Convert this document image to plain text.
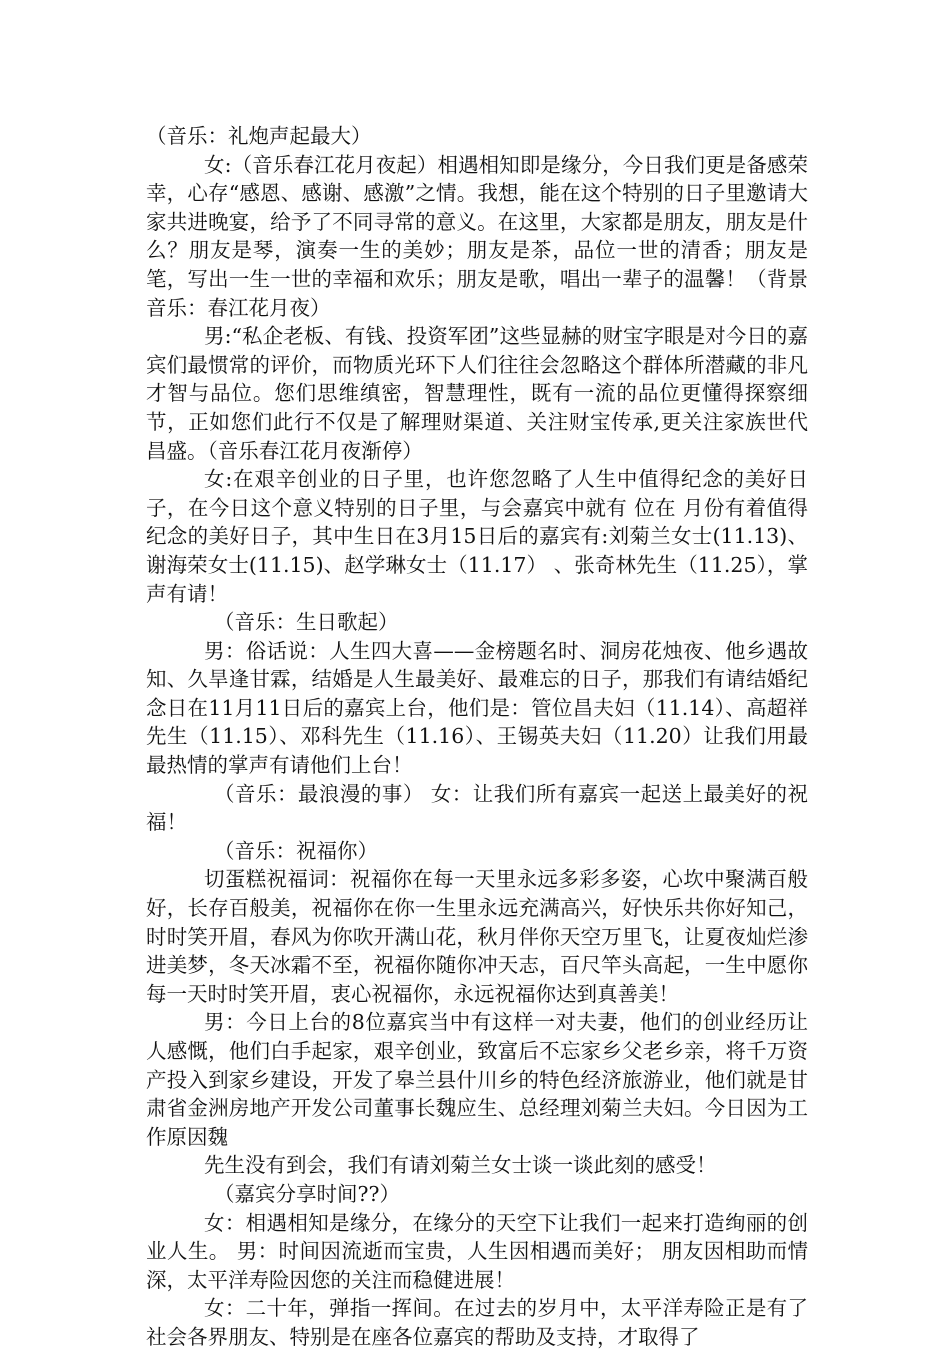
（音乐：礼炮声起最大）

女:（音乐春江花月夜起）相遇相知即是缘分，今日我们更是备感荣幸，心存“感恩、感谢、感激”之情。我想，能在这个特别的日子里邀请大家共进晚宴，给予了不同寻常的意义。在这里，大家都是朋友，朋友是什么？朋友是琴，演奏一生的美妙；朋友是茶，品位一世的清香；朋友是笔，写出一生一世的幸福和欢乐；朋友是歌，唱出一辈子的温馨！（背景音乐：春江花月夜）

男:“私企老板、有钱、投资军团”这些显赫的财宝字眼是对今日的嘉宾们最惯常的评价，而物质光环下人们往往会忽略这个群体所潜藏的非凡才智与品位。您们思维缜密，智慧理性，既有一流的品位更懂得探察细节，正如您们此行不仅是了解理财渠道、关注财宝传承,更关注家族世代昌盛。（音乐春江花月夜渐停）

女:在艰辛创业的日子里，也许您忽略了人生中值得纪念的美好日子，在今日这个意义特别的日子里，与会嘉宾中就有 位在 月份有着值得纪念的美好日子，其中生日在3月15日后的嘉宾有:刘菊兰女士(11.13)、谢海荣女士(11.15)、赵学琳女士（11.17） 、张奇林先生（11.25），掌声有请！

（音乐：生日歌起）

男：俗话说：人生四大喜——金榜题名时、洞房花烛夜、他乡遇故知、久旱逢甘霖，结婚是人生最美好、最难忘的日子，那我们有请结婚纪念日在11月11日后的嘉宾上台，他们是：管位昌夫妇（11.14）、高超祥先生（11.15）、邓科先生（11.16）、王锡英夫妇（11.20）让我们用最最热情的掌声有请他们上台！

（音乐：最浪漫的事） 女：让我们所有嘉宾一起送上最美好的祝福！

（音乐：祝福你）

切蛋糕祝福词：祝福你在每一天里永远多彩多姿，心坎中聚满百般好，长存百般美，祝福你在你一生里永远充满高兴，好快乐共你好知己，时时笑开眉，春风为你吹开满山花，秋月伴你天空万里飞，让夏夜灿烂渗进美梦，冬天冰霜不至，祝福你随你冲天志，百尺竿头高起，一生中愿你每一天时时笑开眉，衷心祝福你，永远祝福你达到真善美！

男：今日上台的8位嘉宾当中有这样一对夫妻，他们的创业经历让人感慨，他们白手起家，艰辛创业，致富后不忘家乡父老乡亲，将千万资产投入到家乡建设，开发了皋兰县什川乡的特色经济旅游业，他们就是甘肃省金洲房地产开发公司董事长魏应生、总经理刘菊兰夫妇。今日因为工作原因魏

先生没有到会，我们有请刘菊兰女士谈一谈此刻的感受！

（嘉宾分享时间??）

女：相遇相知是缘分，在缘分的天空下让我们一起来打造绚丽的创业人生。 男：时间因流逝而宝贵，人生因相遇而美好； 朋友因相助而情深，太平洋寿险因您的关注而稳健进展！

女：二十年，弹指一挥间。在过去的岁月中，太平洋寿险正是有了社会各界朋友、特别是在座各位嘉宾的帮助及支持，才取得了
